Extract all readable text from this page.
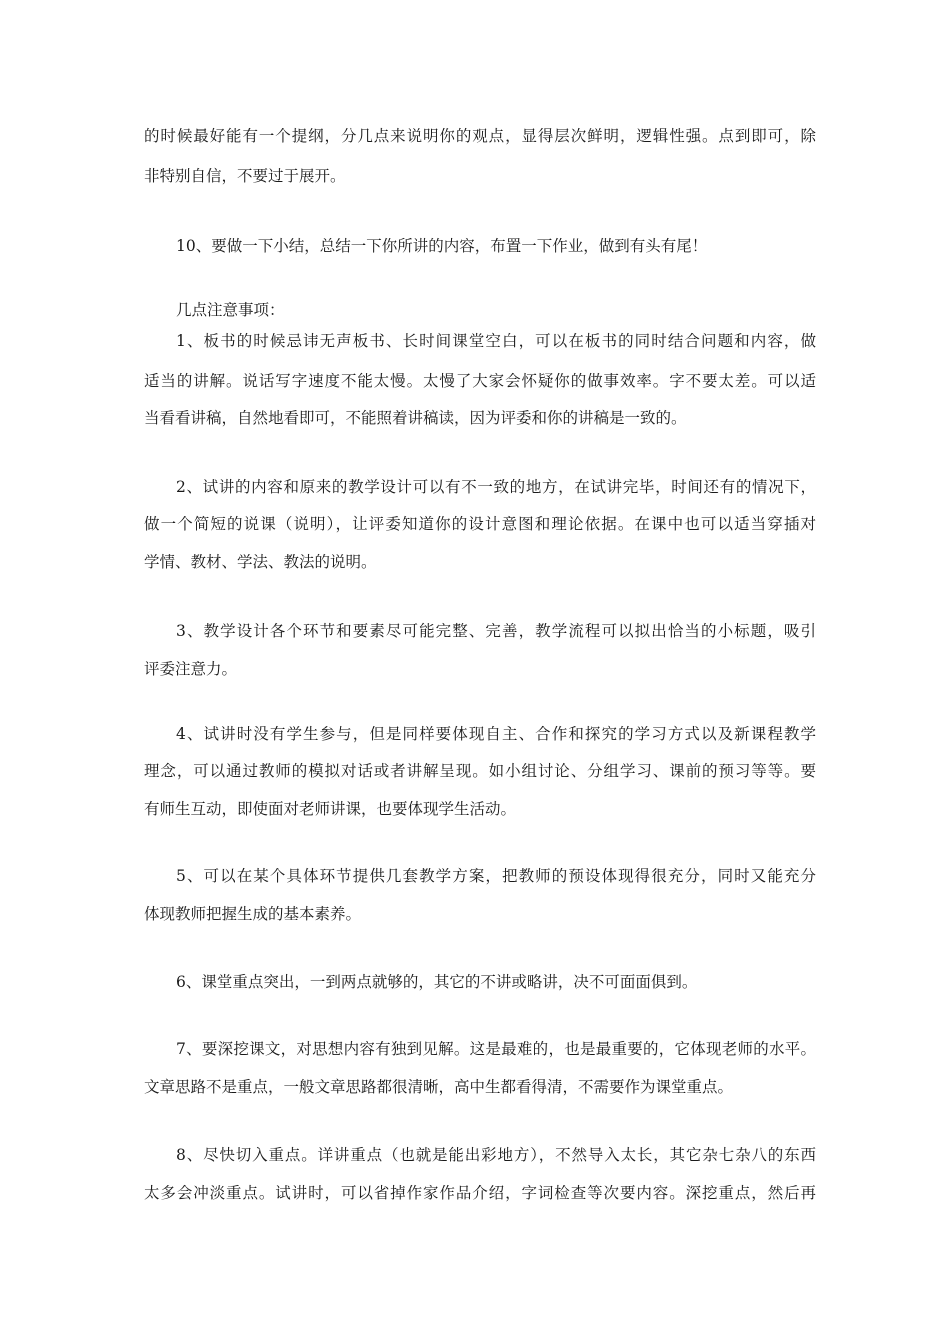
的时候最好能有一个提纲，分几点来说明你的观点，显得层次鲜明，逻辑性强。点到即可，除
非特别自信，不要过于展开。
10、要做一下小结，总结一下你所讲的内容，布置一下作业，做到有头有尾！
几点注意事项：
1、板书的时候忌讳无声板书、长时间课堂空白，可以在板书的同时结合问题和内容，做
适当的讲解。说话写字速度不能太慢。太慢了大家会怀疑你的做事效率。字不要太差。可以适
当看看讲稿，自然地看即可，不能照着讲稿读，因为评委和你的讲稿是一致的。
2、试讲的内容和原来的教学设计可以有不一致的地方，在试讲完毕，时间还有的情况下，
做一个简短的说课（说明），让评委知道你的设计意图和理论依据。在课中也可以适当穿插对
学情、教材、学法、教法的说明。
3、教学设计各个环节和要素尽可能完整、完善，教学流程可以拟出恰当的小标题，吸引
评委注意力。
4、试讲时没有学生参与，但是同样要体现自主、合作和探究的学习方式以及新课程教学
理念，可以通过教师的模拟对话或者讲解呈现。如小组讨论、分组学习、课前的预习等等。要
有师生互动，即使面对老师讲课，也要体现学生活动。
5、可以在某个具体环节提供几套教学方案，把教师的预设体现得很充分，同时又能充分
体现教师把握生成的基本素养。
6、课堂重点突出，一到两点就够的，其它的不讲或略讲，决不可面面俱到。
7、要深挖课文，对思想内容有独到见解。这是最难的，也是最重要的，它体现老师的水平。
文章思路不是重点，一般文章思路都很清晰，高中生都看得清，不需要作为课堂重点。
8、尽快切入重点。详讲重点（也就是能出彩地方），不然导入太长，其它杂七杂八的东西
太多会冲淡重点。试讲时，可以省掉作家作品介绍，字词检查等次要内容。深挖重点，然后再
